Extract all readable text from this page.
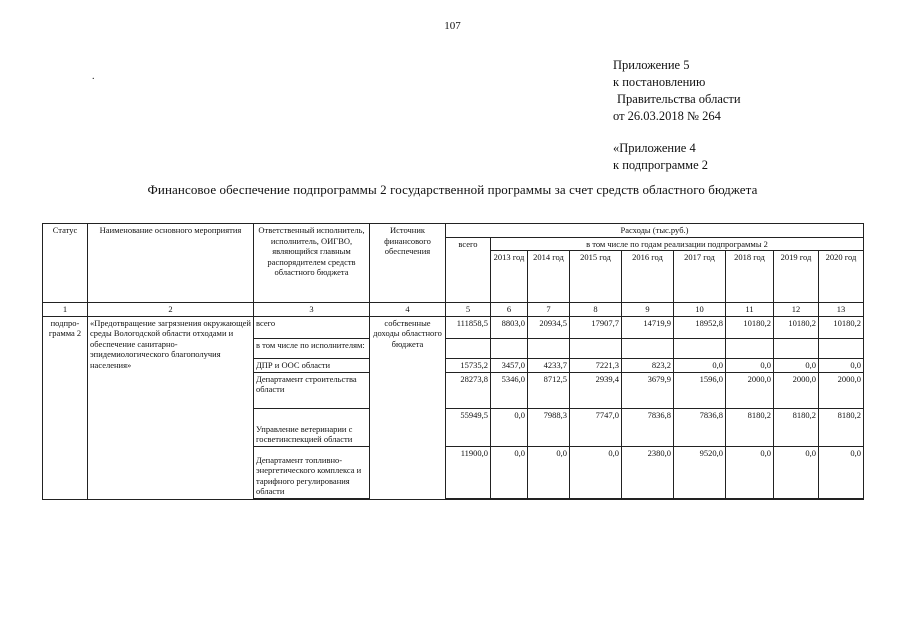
107
.
Приложение 5
к постановлению
Правительства области
от 26.03.2018 № 264
«Приложение 4
к подпрограмме 2
Финансовое обеспечение подпрограммы 2 государственной программы за счет средств областного бюджета
Статус	Наименование основного мероприятия	Ответственный исполнитель, исполнитель, ОИГВО, являющийся главным распорядителем средств областного бюджета	Источник финансового обеспечения	Расходы (тыс.руб.)								
				всего	в том числе по годам реализации подпрограммы 2							
					2013 год	2014 год	2015 год	2016 год	2017 год	2018 год	2019 год	2020 год
1	2	3	4	5	6	7	8	9	10	11	12	13
подпро-грамма 2	«Предотвращение загрязнения окружающей среды Вологодской области отходами и обеспечение санитарно-эпидемиологического благополучия населения»	всего	собственные доходы областного бюджета	111858,5	8803,0	20934,5	17907,7	14719,9	18952,8	10180,2	10180,2	10180,2
		в том числе по исполнителям:										
		ДПР и ООС области		15735,2	3457,0	4233,7	7221,3	823,2	0,0	0,0	0,0	0,0
		Департамент строительства области		28273,8	5346,0	8712,5	2939,4	3679,9	1596,0	2000,0	2000,0	2000,0
		Управление ветеринарии с госветинспекцией области		55949,5	0,0	7988,3	7747,0	7836,8	7836,8	8180,2	8180,2	8180,2
		Департамент топливно-энергетического комплекса и тарифного регулирования области		11900,0	0,0	0,0	0,0	2380,0	9520,0	0,0	0,0	0,0
